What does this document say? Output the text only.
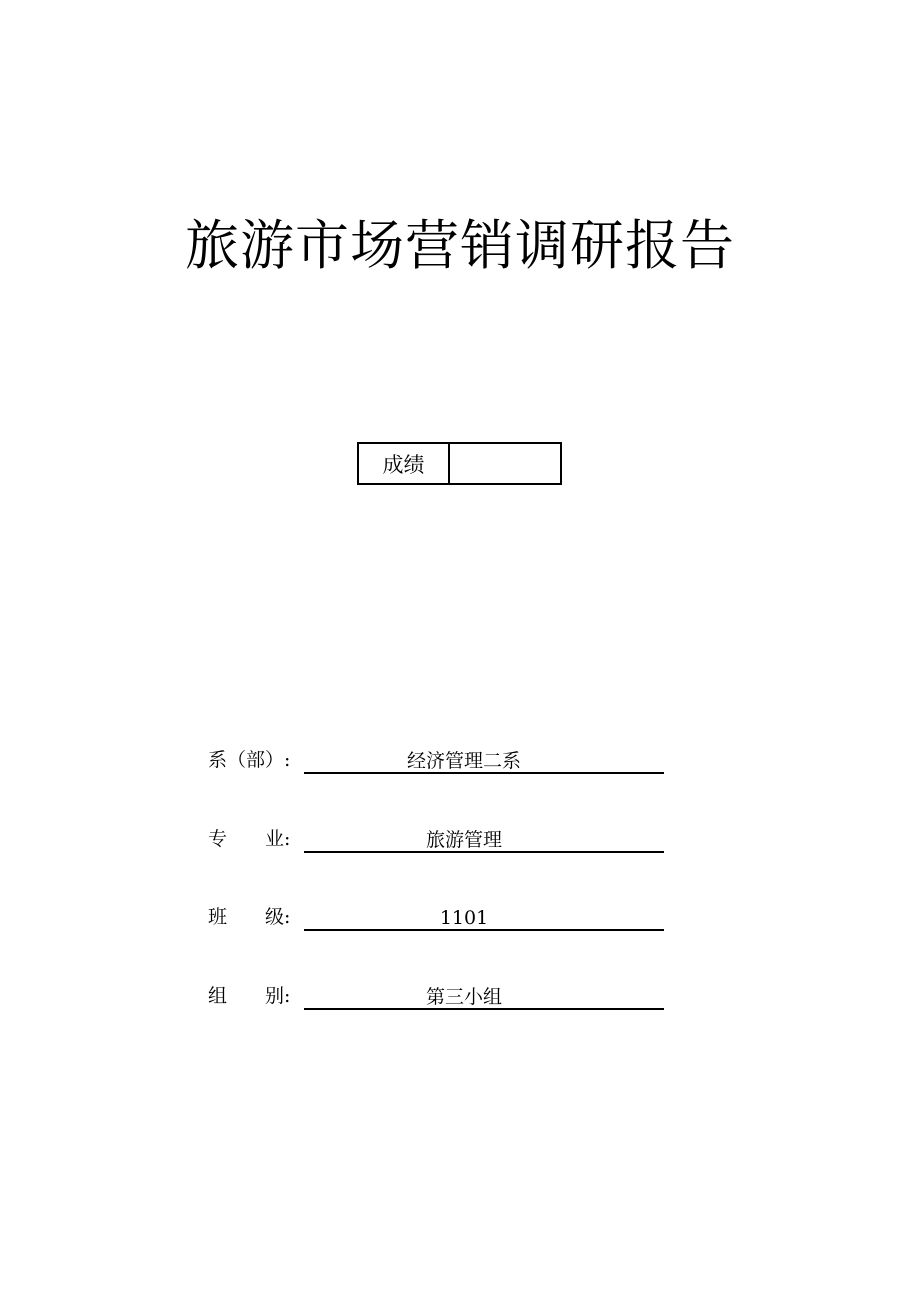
旅游市场营销调研报告
成绩
系（部）:	经济管理二系
专　　业:	旅游管理
班　　级:	1101
组　　别:	第三小组
